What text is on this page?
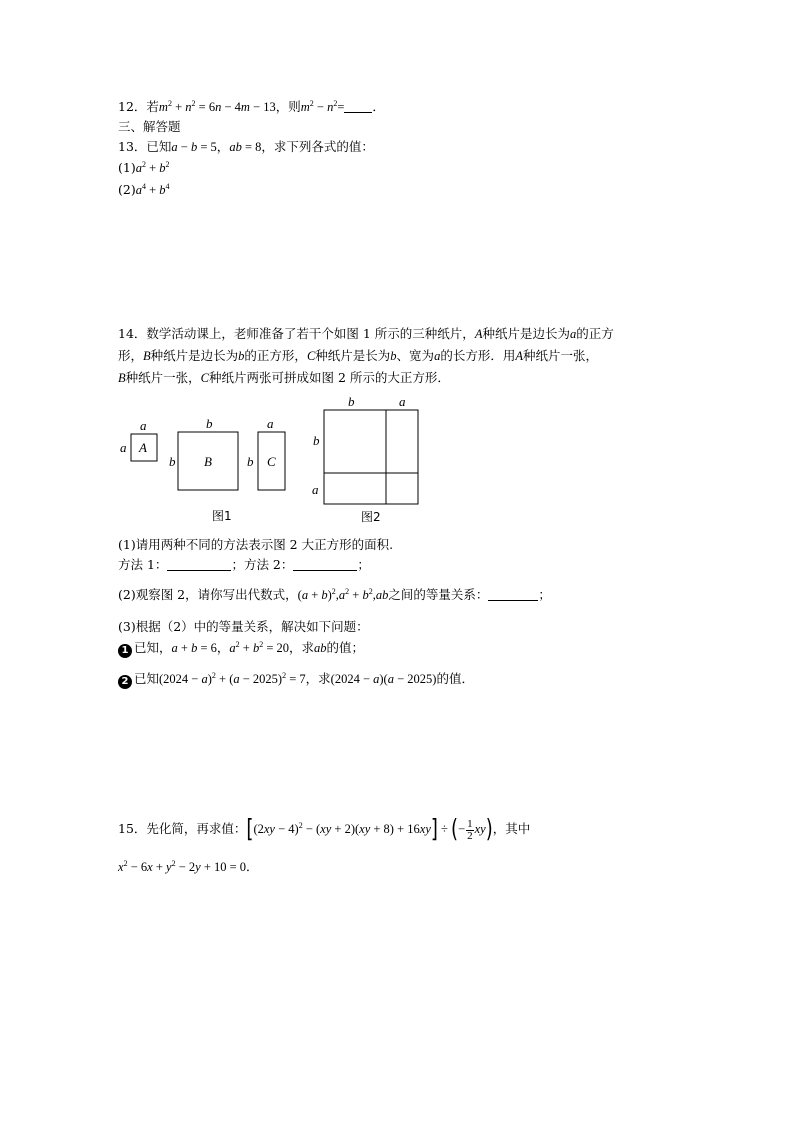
12．若$m^2 + n^2 = 6n - 4m - 13$，则$m^2 - n^2=$ ．
三、解答题
13．已知a − b = 5，ab = 8，求下列各式的值：
$(1)a^2 + b^2$
$(2)a^4 + b^4$
14．数学活动课上，老师准备了若干个如图 1 所示的三种纸片，A种纸片是边长为a的正方
形，B种纸片是边长为b的正方形，C种纸片是长为b、宽为a的长方形．用A种纸片一张，
B种纸片一张，C种纸片两张可拼成如图 2 所示的大正方形．
a
a A
b
b B
a
b C
b	a
b
a
图1	图2
(1)请用两种不同的方法表示图 2 大正方形的面积.
方法 1：	；方法 2：	；
(2)观察图 2，请你写出代数式，$(a + b)^2,a^2 + b^2,ab$之间的等量关系：	；
(3)根据（2）中的等量关系，解决如下问题：
1 已知，a + b = 6，$a^2 + b^2 = 20$，求ab的值；
2 已知$(2024 - a)^2 + (a - 2025)^2 = 7$，求(2024 − a)(a − 2025)的值．
15．先化简，再求值：$[(2xy - 4)^2 - (xy + 2)(xy + 8) + 16xy]$ ÷ (− $\frac{1}{2} xy$)，其中
$x^2 - 6x + y^2 - 2y + 10 = 0$．
